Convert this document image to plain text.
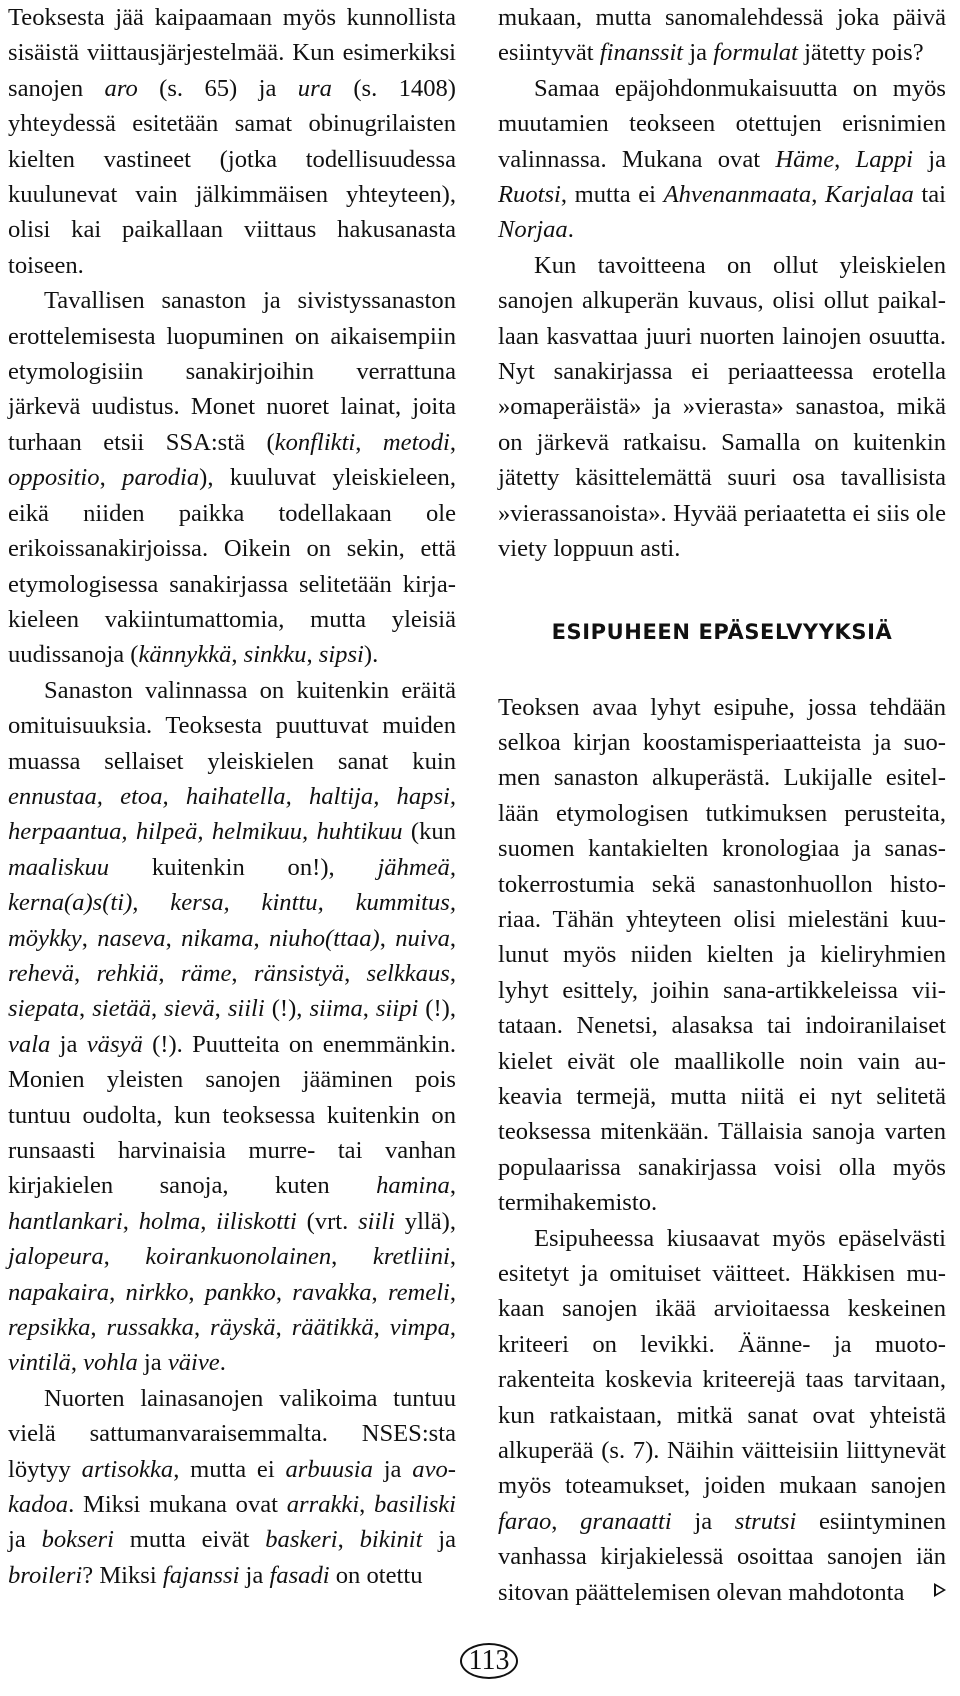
Teoksesta jää kaipaamaan myös kunnollista sisäistä viittausjärjestelmää. Kun esimerkiksi sanojen aro (s. 65) ja ura (s. 1408) yhteydessä esitetään samat obinugrilaisten kielten vastineet (jotka todellisuudessa kuulunevat vain jälkimmäisen yhteyteen), olisi kai paikallaan viittaus hakusanasta toiseen.

Tavallisen sanaston ja sivistyssanaston erottelemisesta luopuminen on aikaisempiin etymologisiin sanakirjoihin verrattuna järkevä uudistus. Monet nuoret lainat, joita turhaan etsii SSA:stä (konflikti, metodi, oppositio, parodia), kuuluvat yleiskieleen, eikä niiden paikka todellakaan ole erikoissanakirjoissa. Oikein on sekin, että etymologisessa sanakirjassa selitetään kirjakieleen vakiintumattomia, mutta yleisiä uudissanoja (kännykkä, sinkku, sipsi).

Sanaston valinnassa on kuitenkin eräitä omituisuuksia. Teoksesta puuttuvat muiden muassa sellaiset yleiskielen sanat kuin ennustaa, etoa, haihatella, haltija, hapsi, herpaantua, hilpeä, helmikuu, huhtikuu (kun maaliskuu kuitenkin on!), jähmeä, kerna(a)s(ti), kersa, kinttu, kummitus, möykky, naseva, nikama, niuho(ttaa), nuiva, rehevä, rehkiä, räme, ränsistyä, selkkaus, siepata, sietää, sievä, siili (!), siima, siipi (!), vala ja väsyä (!). Puutteita on enemmänkin. Monien yleisten sanojen jääminen pois tuntuu oudolta, kun teoksessa kuitenkin on runsaasti harvinaisia murre- tai vanhan kirjakielen sanoja, kuten hamina, hantlankari, holma, iiliskotti (vrt. siili yllä), jalopeura, koirankuonolainen, kretliini, napakaira, nirkko, pankko, ravakka, remeli, repsikka, russakka, räyskä, räätikkä, vimpa, vintilä, vohla ja väive.

Nuorten lainasanojen valikoima tuntuu vielä sattumanvaraisemmalta. NSES:sta löytyy artisokka, mutta ei arbuusia ja avokadoa. Miksi mukana ovat arrakki, basiliski ja bokseri mutta eivät baskeri, bikinit ja broileri? Miksi fajanssi ja fasadi on otettu

mukaan, mutta sanomalehdessä joka päivä esiintyvät finanssit ja formulat jätetty pois?

Samaa epäjohdonmukaisuutta on myös muutamien teokseen otettujen erisnimien valinnassa. Mukana ovat Häme, Lappi ja Ruotsi, mutta ei Ahvenanmaata, Karjalaa tai Norjaa.

Kun tavoitteena on ollut yleiskielen sanojen alkuperän kuvaus, olisi ollut paikallaan kasvattaa juuri nuorten lainojen osuutta. Nyt sanakirjassa ei periaatteessa erotella »omaperäistä» ja »vierasta» sanastoa, mikä on järkevä ratkaisu. Samalla on kuitenkin jätetty käsittelemättä suuri osa tavallisista »vierassanoista». Hyvää periaatetta ei siis ole viety loppuun asti.

ESIPUHEEN EPÄSELVYYKSIÄ

Teoksen avaa lyhyt esipuhe, jossa tehdään selkoa kirjan koostamisperiaatteista ja suomen sanaston alkuperästä. Lukijalle esitellään etymologisen tutkimuksen perusteita, suomen kantakielten kronologiaa ja sanastokerrostumia sekä sanastonhuollon historiaa. Tähän yhteyteen olisi mielestäni kuulunut myös niiden kielten ja kieliryhmien lyhyt esittely, joihin sana-artikkeleissa viitataan. Nenetsi, alasaksa tai indoiranilaiset kielet eivät ole maallikolle noin vain aukeavia termejä, mutta niitä ei nyt selitetä teoksessa mitenkään. Tällaisia sanoja varten populaarissa sanakirjassa voisi olla myös termihakemisto.

Esipuheessa kiusaavat myös epäselvästi esitetyt ja omituiset väitteet. Häkkisen mukaan sanojen ikää arvioitaessa keskeinen kriteeri on levikki. Äänne- ja muotorakenteita koskevia kriteerejä taas tarvitaan, kun ratkaistaan, mitkä sanat ovat yhteistä alkuperää (s. 7). Näihin väitteisiin liittynevät myös toteamukset, joiden mukaan sanojen farao, granaatti ja strutsi esiintyminen vanhassa kirjakielessä osoittaa sanojen iän sitovan päättelemisen olevan mahdotonta

113
